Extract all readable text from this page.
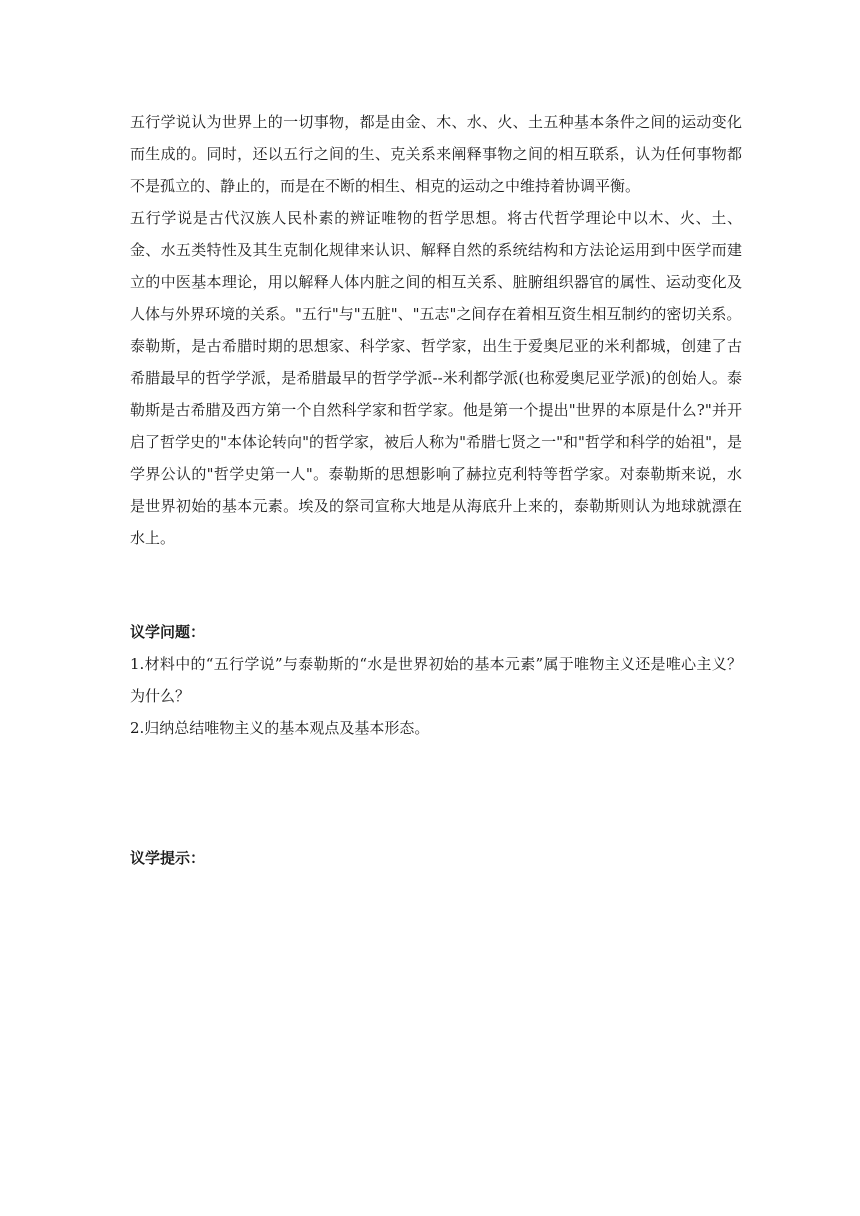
五行学说认为世界上的一切事物，都是由金、木、水、火、土五种基本条件之间的运动变化而生成的。同时，还以五行之间的生、克关系来阐释事物之间的相互联系，认为任何事物都不是孤立的、静止的，而是在不断的相生、相克的运动之中维持着协调平衡。

五行学说是古代汉族人民朴素的辨证唯物的哲学思想。将古代哲学理论中以木、火、土、金、水五类特性及其生克制化规律来认识、解释自然的系统结构和方法论运用到中医学而建立的中医基本理论，用以解释人体内脏之间的相互关系、脏腑组织器官的属性、运动变化及人体与外界环境的关系。"五行"与"五脏"、"五志"之间存在着相互资生相互制约的密切关系。

泰勒斯，是古希腊时期的思想家、科学家、哲学家，出生于爱奥尼亚的米利都城，创建了古希腊最早的哲学学派，是希腊最早的哲学学派--米利都学派(也称爱奥尼亚学派)的创始人。泰勒斯是古希腊及西方第一个自然科学家和哲学家。他是第一个提出"世界的本原是什么?"并开启了哲学史的"本体论转向"的哲学家，被后人称为"希腊七贤之一"和"哲学和科学的始祖"，是学界公认的"哲学史第一人"。泰勒斯的思想影响了赫拉克利特等哲学家。对泰勒斯来说，水是世界初始的基本元素。埃及的祭司宣称大地是从海底升上来的，泰勒斯则认为地球就漂在水上。

议学问题：

1.材料中的“五行学说”与泰勒斯的“水是世界初始的基本元素”属于唯物主义还是唯心主义？为什么？

2.归纳总结唯物主义的基本观点及基本形态。

议学提示：
